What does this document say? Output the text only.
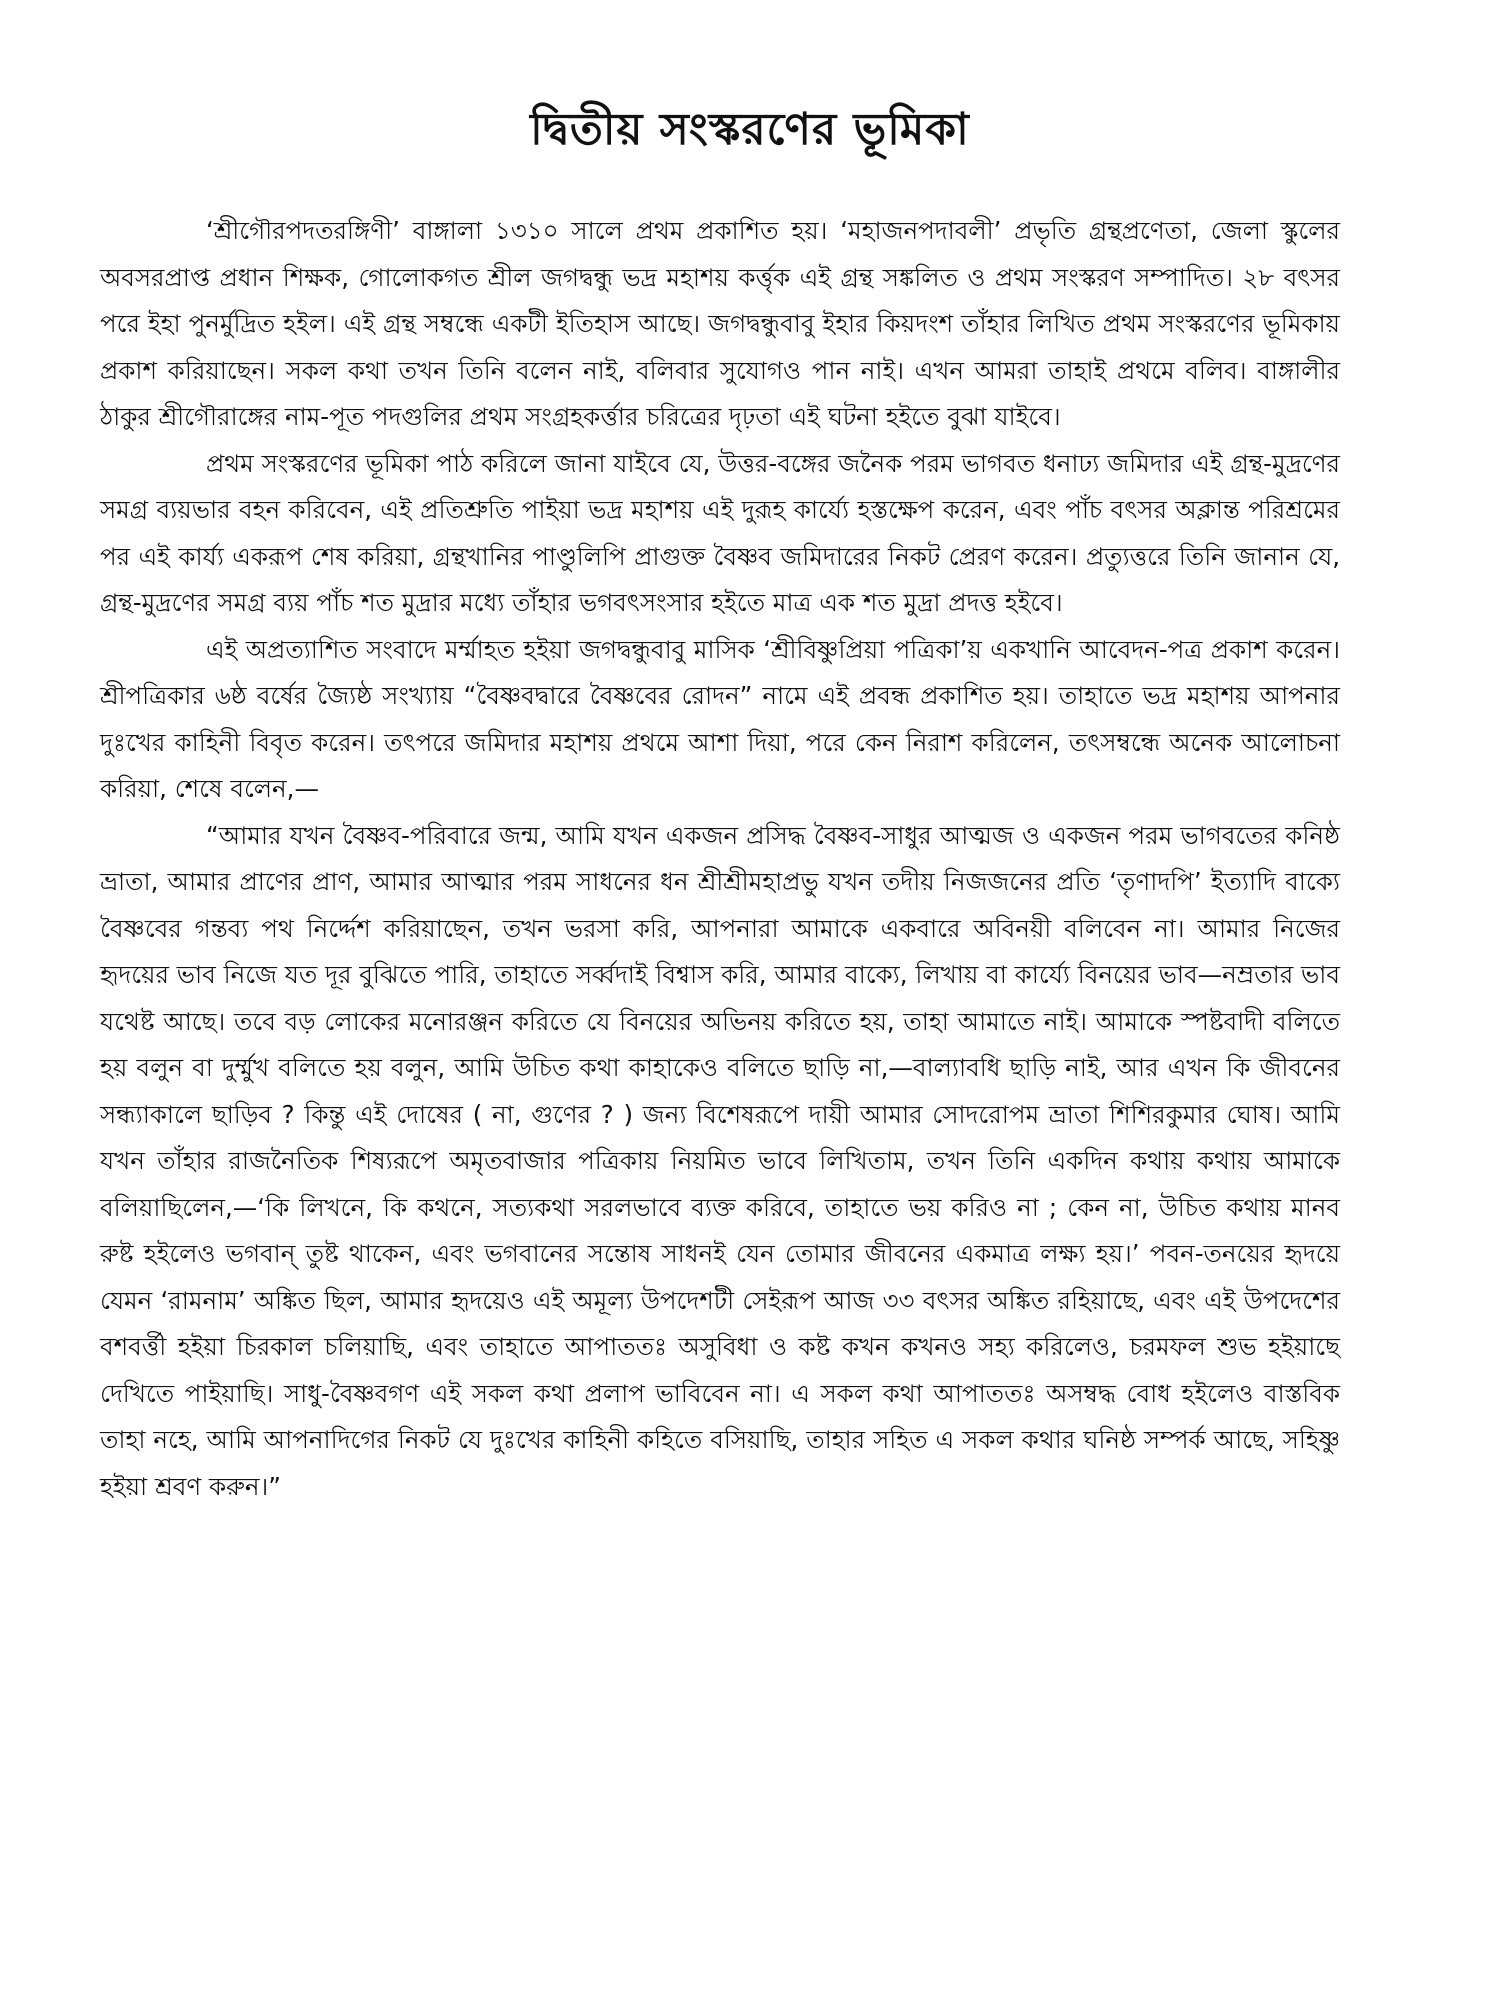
দ্বিতীয় সংস্করণের ভূমিকা

‘শ্রীগৌরপদতরঙ্গিণী’ বাঙ্গালা ১৩১০ সালে প্রথম প্রকাশিত হয়। ‘মহাজনপদাবলী’ প্রভৃতি গ্রন্থপ্রণেতা, জেলা স্কুলের অবসরপ্রাপ্ত প্রধান শিক্ষক, গোলোকগত শ্রীল জগদ্বন্ধু ভদ্র মহাশয় কর্ত্তৃক এই গ্রন্থ সঙ্কলিত ও প্রথম সংস্করণ সম্পাদিত। ২৮ বৎসর পরে ইহা পুনর্মুদ্রিত হইল। এই গ্রন্থ সম্বন্ধে একটী ইতিহাস আছে। জগদ্বন্ধুবাবু ইহার কিয়দংশ তাঁহার লিখিত প্রথম সংস্করণের ভূমিকায় প্রকাশ করিয়াছেন। সকল কথা তখন তিনি বলেন নাই, বলিবার সুযোগও পান নাই। এখন আমরা তাহাই প্রথমে বলিব। বাঙ্গালীর ঠাকুর শ্রীগৌরাঙ্গের নাম-পূত পদগুলির প্রথম সংগ্রহকর্ত্তার চরিত্রের দৃঢ়তা এই ঘটনা হইতে বুঝা যাইবে।

প্রথম সংস্করণের ভূমিকা পাঠ করিলে জানা যাইবে যে, উত্তর-বঙ্গের জনৈক পরম ভাগবত ধনাঢ্য জমিদার এই গ্রন্থ-মুদ্রণের সমগ্র ব্যয়ভার বহন করিবেন, এই প্রতিশ্রুতি পাইয়া ভদ্র মহাশয় এই দুরূহ কার্য্যে হস্তক্ষেপ করেন, এবং পাঁচ বৎসর অক্লান্ত পরিশ্রমের পর এই কার্য্য একরূপ শেষ করিয়া, গ্রন্থখানির পাণ্ডুলিপি প্রাগুক্ত বৈষ্ণব জমিদারের নিকট প্রেরণ করেন। প্রত্যুত্তরে তিনি জানান যে, গ্রন্থ-মুদ্রণের সমগ্র ব্যয় পাঁচ শত মুদ্রার মধ্যে তাঁহার ভগবৎসংসার হইতে মাত্র এক শত মুদ্রা প্রদত্ত হইবে।

এই অপ্রত্যাশিত সংবাদে মর্ম্মাহত হইয়া জগদ্বন্ধুবাবু মাসিক ‘শ্রীবিষ্ণুপ্রিয়া পত্রিকা’য় একখানি আবেদন-পত্র প্রকাশ করেন। শ্রীপত্রিকার ৬ষ্ঠ বর্ষের জ্যৈষ্ঠ সংখ্যায় “বৈষ্ণবদ্বারে বৈষ্ণবের রোদন” নামে এই প্রবন্ধ প্রকাশিত হয়। তাহাতে ভদ্র মহাশয় আপনার দুঃখের কাহিনী বিবৃত করেন। তৎপরে জমিদার মহাশয় প্রথমে আশা দিয়া, পরে কেন নিরাশ করিলেন, তৎসম্বন্ধে অনেক আলোচনা করিয়া, শেষে বলেন,—

“আমার যখন বৈষ্ণব-পরিবারে জন্ম, আমি যখন একজন প্রসিদ্ধ বৈষ্ণব-সাধুর আত্মজ ও একজন পরম ভাগবতের কনিষ্ঠ ভ্রাতা, আমার প্রাণের প্রাণ, আমার আত্মার পরম সাধনের ধন শ্রীশ্রীমহাপ্রভু যখন তদীয় নিজজনের প্রতি ‘তৃণাদপি’ ইত্যাদি বাক্যে বৈষ্ণবের গন্তব্য পথ নির্দ্দেশ করিয়াছেন, তখন ভরসা করি, আপনারা আমাকে একবারে অবিনয়ী বলিবেন না। আমার নিজের হৃদয়ের ভাব নিজে যত দূর বুঝিতে পারি, তাহাতে সর্ব্বদাই বিশ্বাস করি, আমার বাক্যে, লিখায় বা কার্য্যে বিনয়ের ভাব—নম্রতার ভাব যথেষ্ট আছে। তবে বড় লোকের মনোরঞ্জন করিতে যে বিনয়ের অভিনয় করিতে হয়, তাহা আমাতে নাই। আমাকে স্পষ্টবাদী বলিতে হয় বলুন বা দুর্ম্মুখ বলিতে হয় বলুন, আমি উচিত কথা কাহাকেও বলিতে ছাড়ি না,—বাল্যাবধি ছাড়ি নাই, আর এখন কি জীবনের সন্ধ্যাকালে ছাড়িব ? কিন্তু এই দোষের ( না, গুণের ? ) জন্য বিশেষরূপে দায়ী আমার সোদরোপম ভ্রাতা শিশিরকুমার ঘোষ। আমি যখন তাঁহার রাজনৈতিক শিষ্যরূপে অমৃতবাজার পত্রিকায় নিয়মিত ভাবে লিখিতাম, তখন তিনি একদিন কথায় কথায় আমাকে বলিয়াছিলেন,—‘কি লিখনে, কি কথনে, সত্যকথা সরলভাবে ব্যক্ত করিবে, তাহাতে ভয় করিও না ; কেন না, উচিত কথায় মানব রুষ্ট হইলেও ভগবান্ তুষ্ট থাকেন, এবং ভগবানের সন্তোষ সাধনই যেন তোমার জীবনের একমাত্র লক্ষ্য হয়।’ পবন-তনয়ের হৃদয়ে যেমন ‘রামনাম’ অঙ্কিত ছিল, আমার হৃদয়েও এই অমূল্য উপদেশটী সেইরূপ আজ ৩৩ বৎসর অঙ্কিত রহিয়াছে, এবং এই উপদেশের বশবর্ত্তী হইয়া চিরকাল চলিয়াছি, এবং তাহাতে আপাততঃ অসুবিধা ও কষ্ট কখন কখনও সহ্য করিলেও, চরমফল শুভ হইয়াছে দেখিতে পাইয়াছি। সাধু-বৈষ্ণবগণ এই সকল কথা প্রলাপ ভাবিবেন না। এ সকল কথা আপাততঃ অসম্বদ্ধ বোধ হইলেও বাস্তবিক তাহা নহে, আমি আপনাদিগের নিকট যে দুঃখের কাহিনী কহিতে বসিয়াছি, তাহার সহিত এ সকল কথার ঘনিষ্ঠ সম্পর্ক আছে, সহিষ্ণু হইয়া শ্রবণ করুন।”
